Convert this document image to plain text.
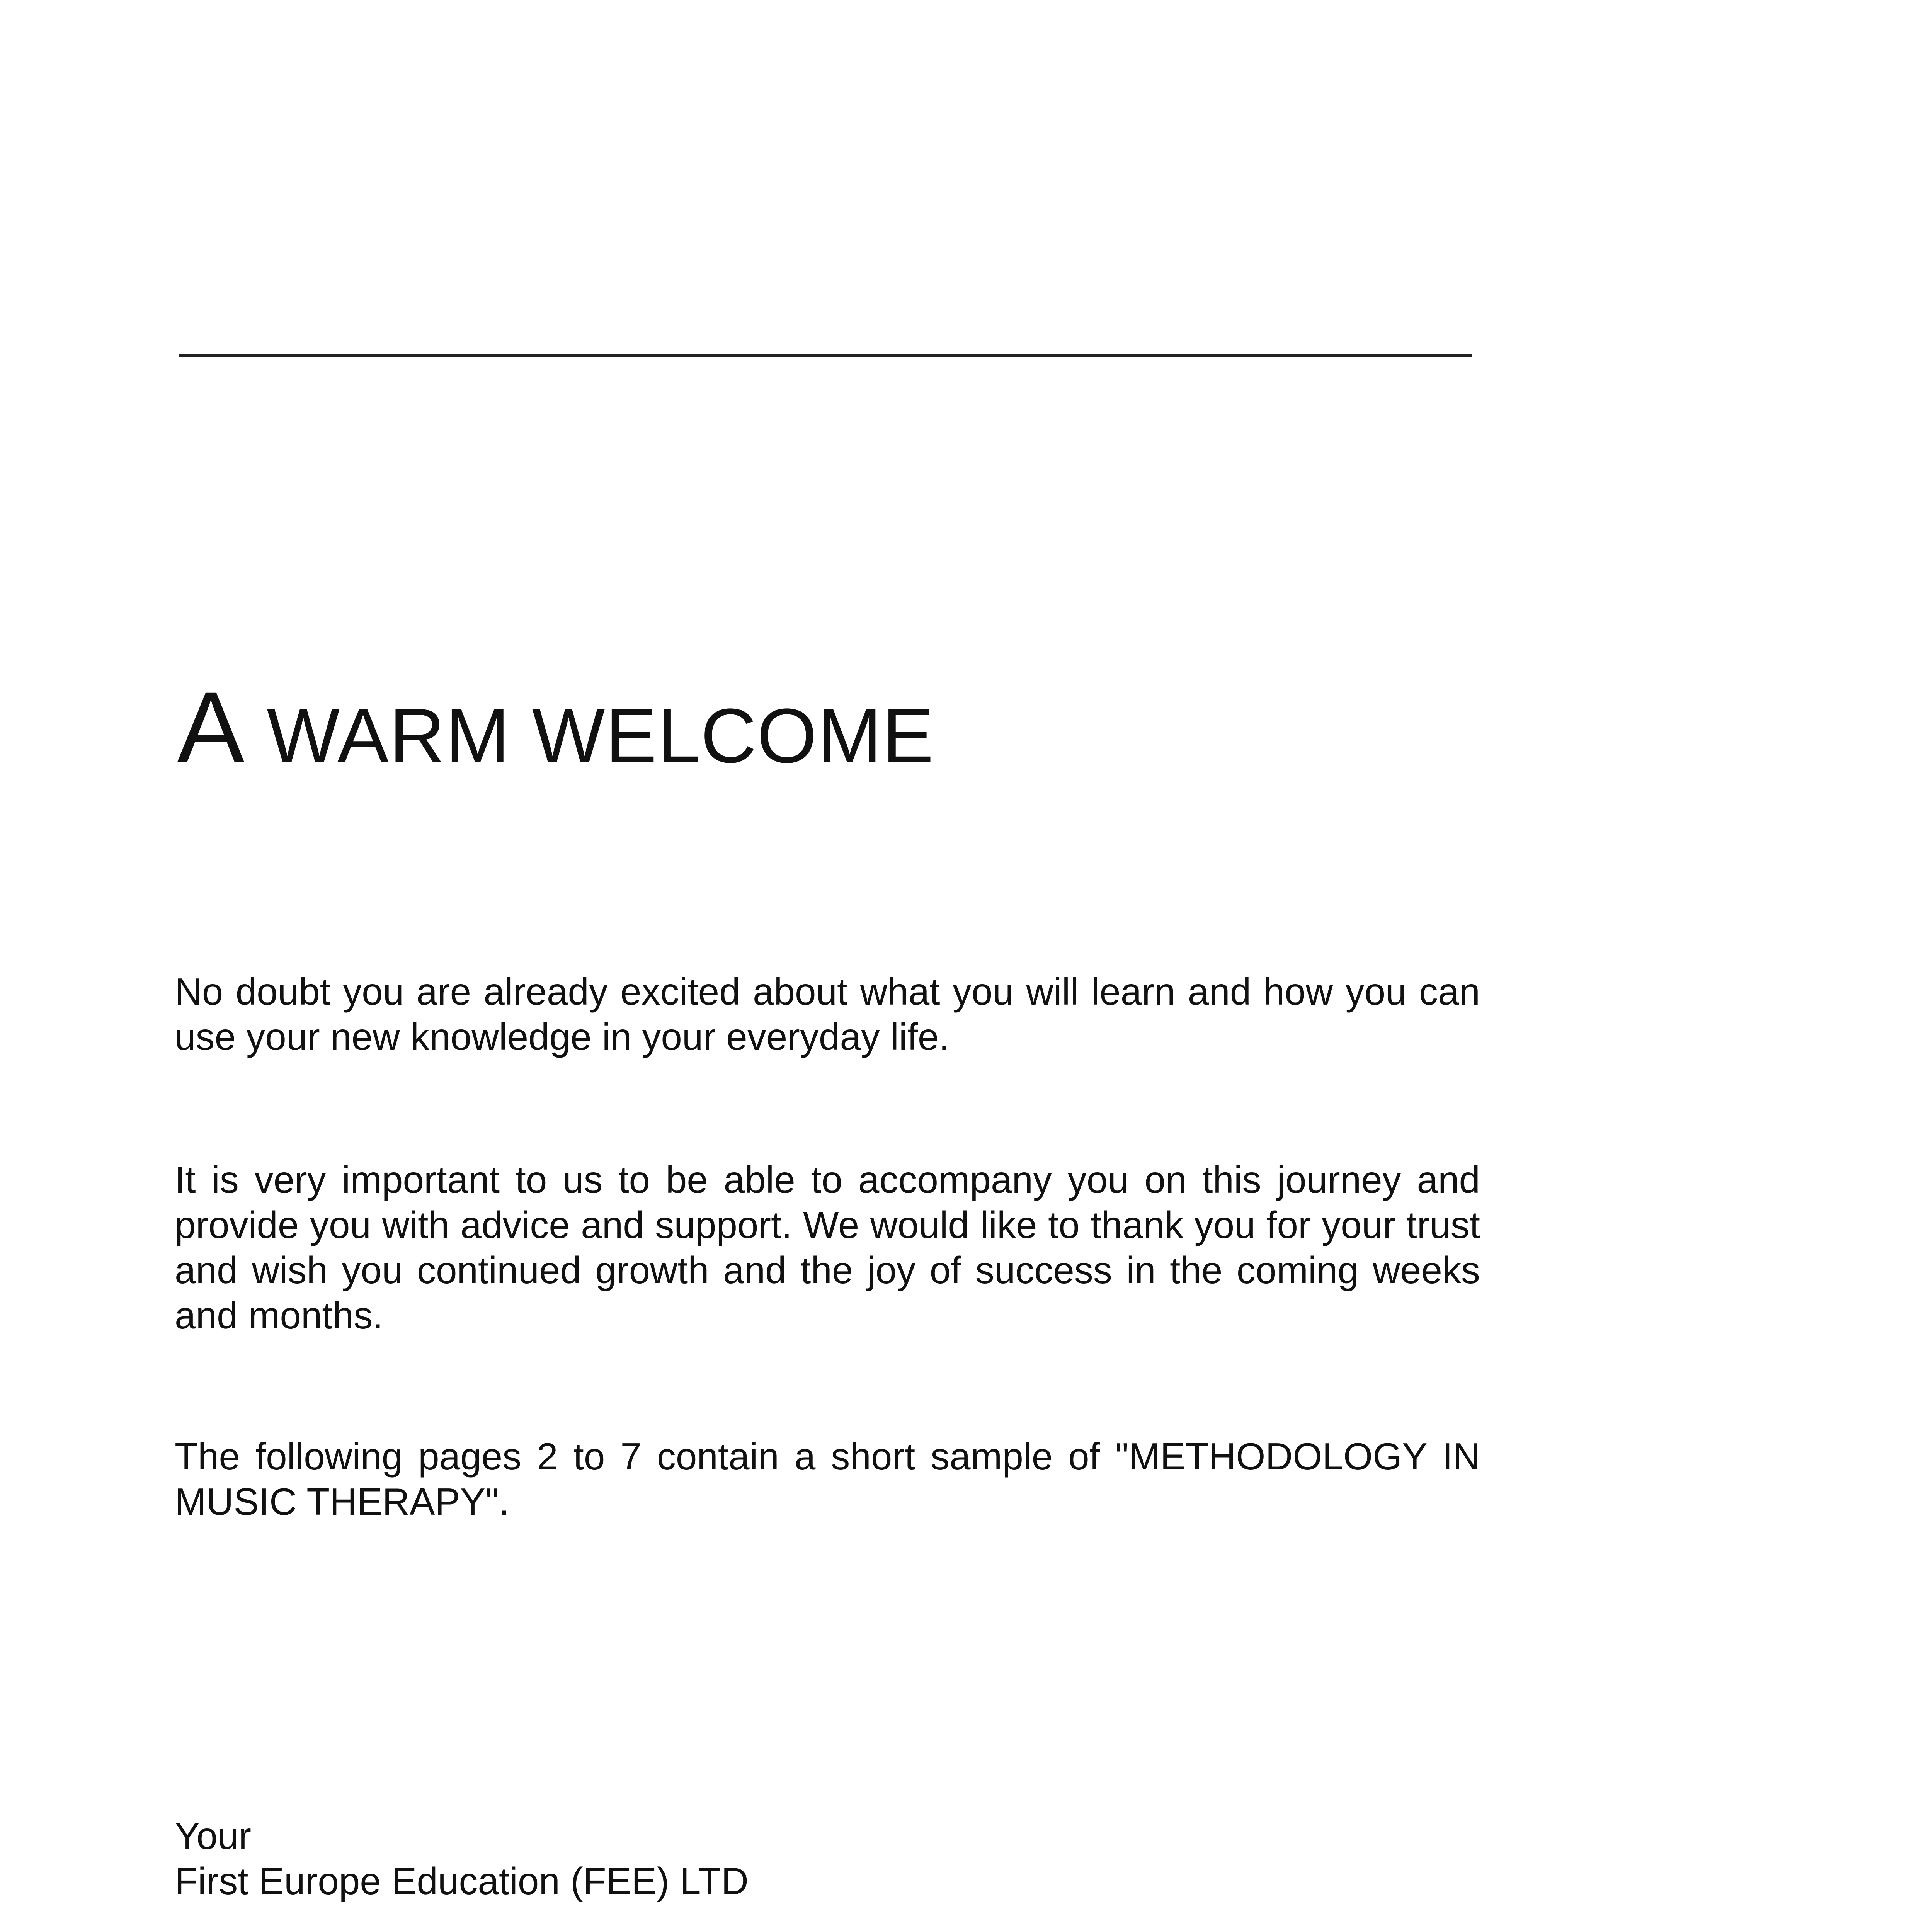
A WARM WELCOME

No doubt you are already excited about what you will learn and how you can use your new knowledge in your everyday life.

It is very important to us to be able to accompany you on this journey and provide you with advice and support. We would like to thank you for your trust and wish you continued growth and the joy of success in the coming weeks and months.

The following pages 2 to 7 contain a short sample of "METHODOLOGY IN MUSIC THERAPY".

Your
First Europe Education (FEE) LTD
